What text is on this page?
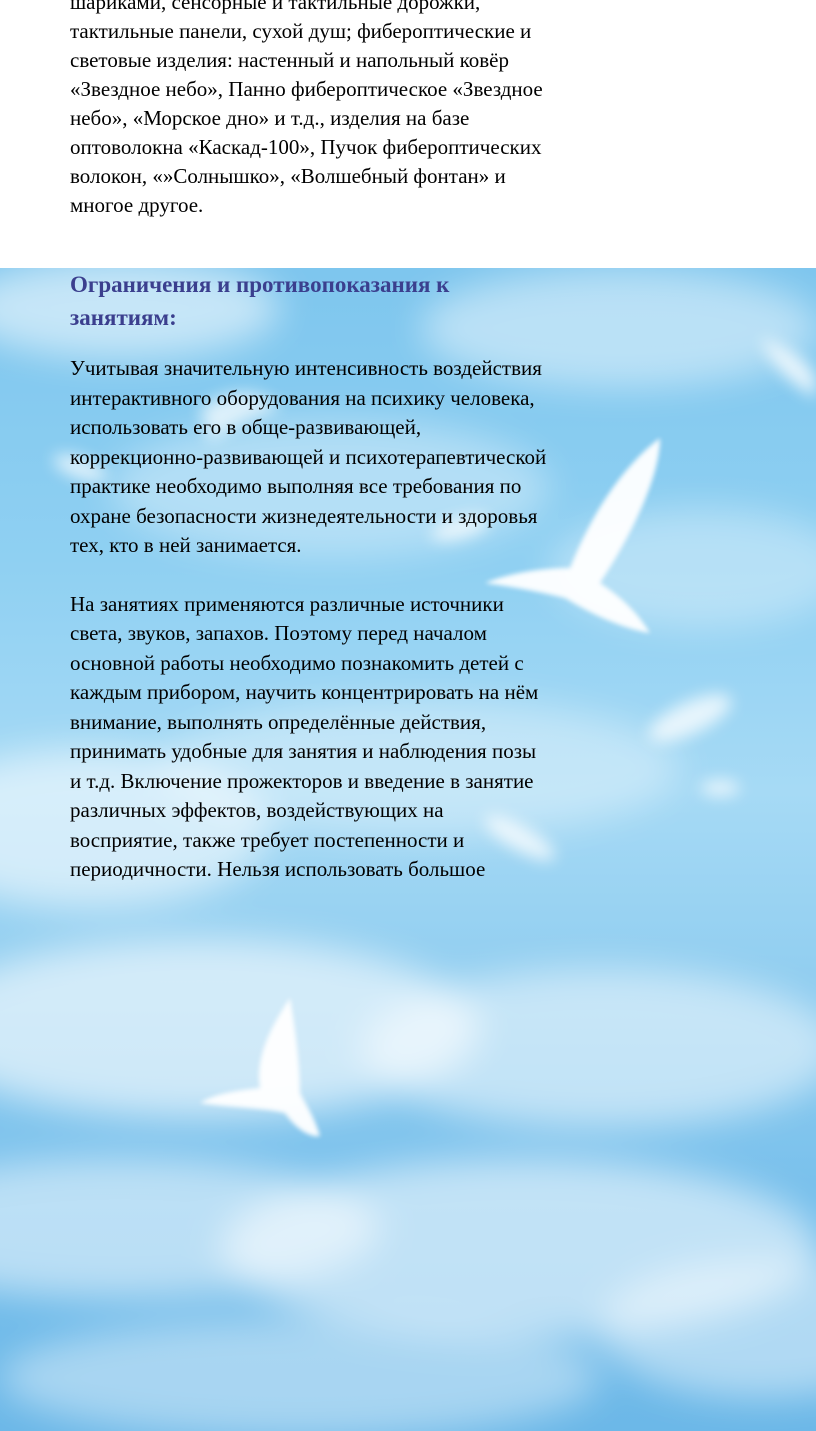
шариками, сенсорные и тактильные дорожки,
тактильные панели, сухой душ; фибероптические и
световые изделия: настенный и напольный ковёр
«Звездное небо», Панно фибероптическое «Звездное
небо», «Морское дно» и т.д., изделия на базе
оптоволокна «Каскад-100», Пучок фибероптических
волокон, «»Солнышко», «Волшебный фонтан» и
многое другое.
Ограничения и противопоказания к
занятиям:

Учитывая значительную интенсивность воздействия
интерактивного оборудования на психику человека,
использовать его в обще-развивающей,
коррекционно-развивающей и психотерапевтической
практике необходимо выполняя все требования по
охране безопасности жизнедеятельности и здоровья
тех, кто в ней занимается.

На занятиях применяются различные источники
света, звуков, запахов. Поэтому перед началом
основной работы необходимо познакомить детей с
каждым прибором, научить концентрировать на нём
внимание, выполнять определённые действия,
принимать удобные для занятия и наблюдения позы
и т.д. Включение прожекторов и введение в занятие
различных эффектов, воздействующих на
восприятие, также требует постепенности и
периодичности. Нельзя использовать большое
